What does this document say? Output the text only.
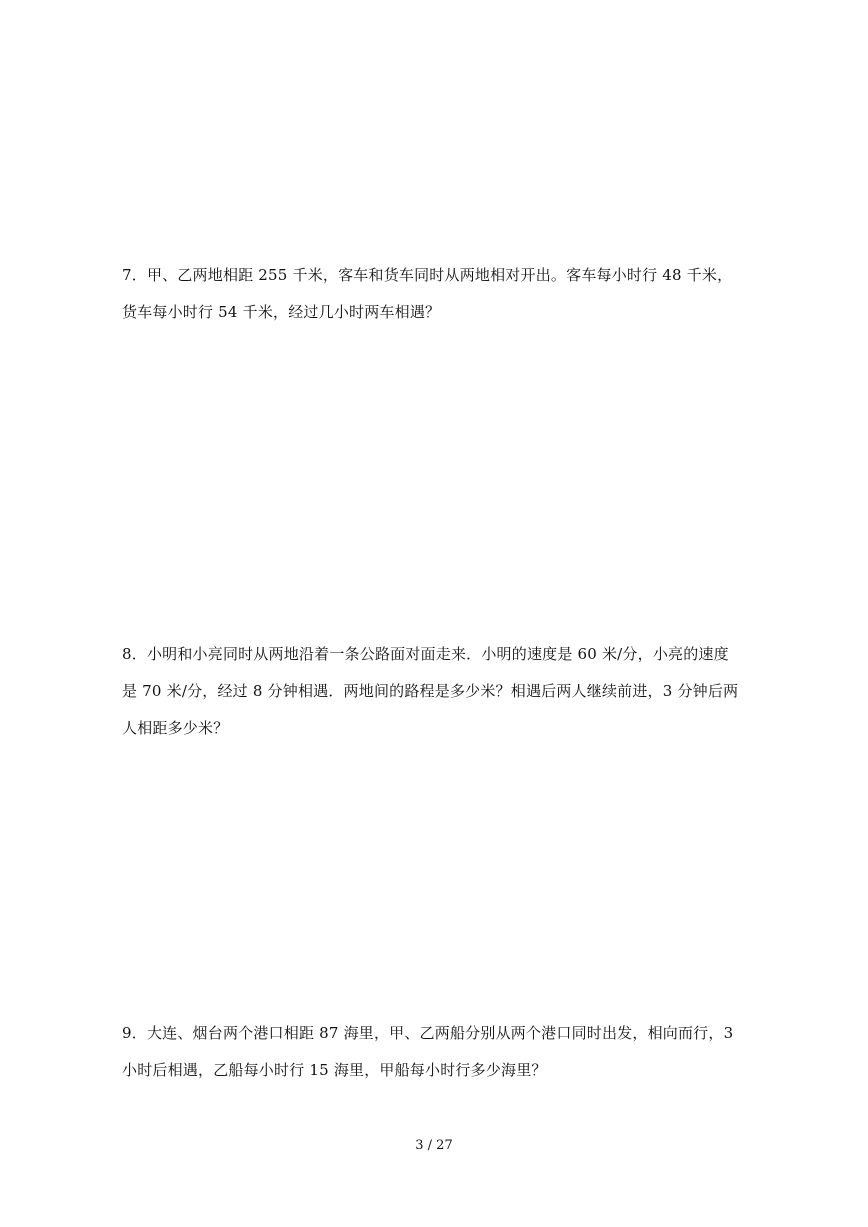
7．甲、乙两地相距 255 千米，客车和货车同时从两地相对开出。客车每小时行 48 千米，
货车每小时行 54 千米，经过几小时两车相遇？
8．小明和小亮同时从两地沿着一条公路面对面走来．小明的速度是 60 米/分，小亮的速度
是 70 米/分，经过 8 分钟相遇．两地间的路程是多少米？相遇后两人继续前进，3 分钟后两
人相距多少米？
9．大连、烟台两个港口相距 87 海里，甲、乙两船分别从两个港口同时出发，相向而行，3
小时后相遇，乙船每小时行 15 海里，甲船每小时行多少海里？
3 / 27
